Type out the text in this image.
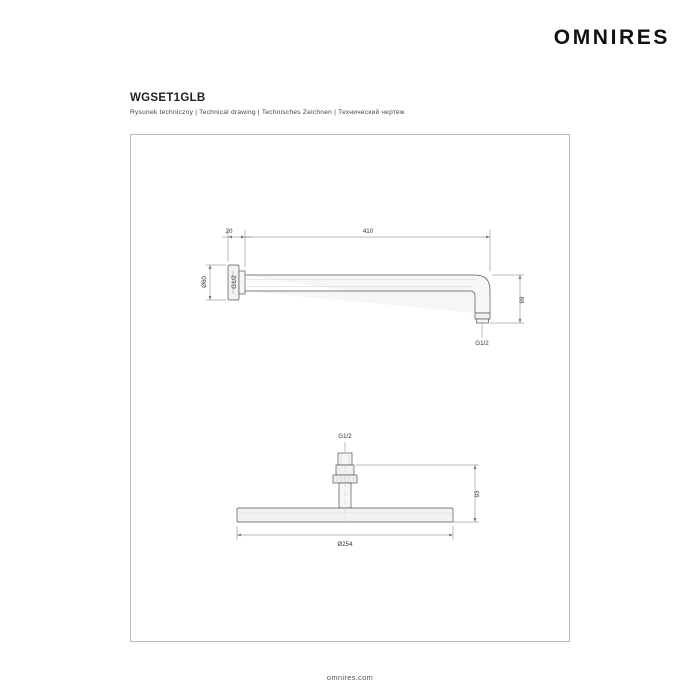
OMNIRES
WGSET1GLB
Rysunek techniczny | Technical drawing | Technisches Zeichnen | Технический чертеж
20	410
Ø60	G1/2
69
G1/2
G1/2
93
Ø254
omnires.com
